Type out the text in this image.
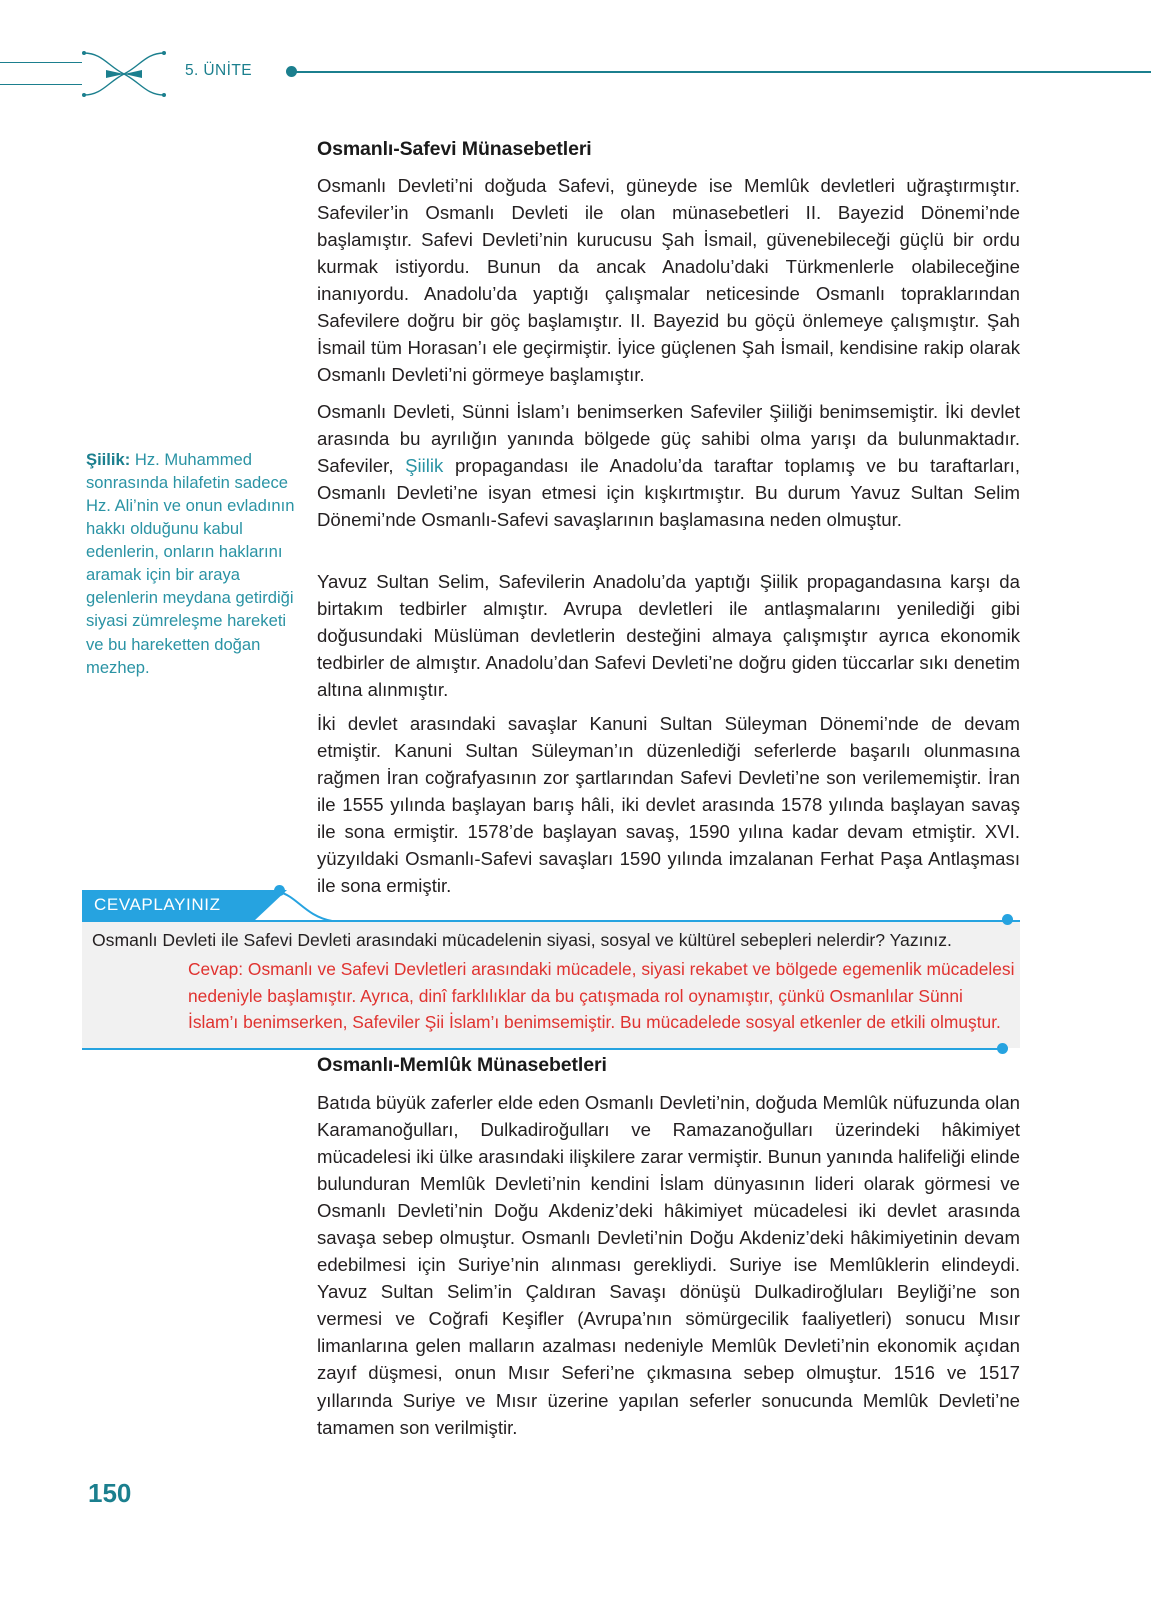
5. ÜNİTE
Şiilik: Hz. Muhammed sonrasında hilafetin sadece Hz. Ali’nin ve onun evladının hakkı olduğunu kabul edenlerin, onların haklarını aramak için bir araya gelenlerin meydana getirdiği siyasi zümreleşme hareketi ve bu hareketten doğan mezhep.
Osmanlı-Safevi Münasebetleri

Osmanlı Devleti’ni doğuda Safevi, güneyde ise Memlûk devletleri uğraştırmıştır. Safeviler’in Osmanlı Devleti ile olan münasebetleri II. Bayezid Dönemi’nde başlamıştır. Safevi Devleti’nin kurucusu Şah İsmail, güvenebileceği güçlü bir ordu kurmak istiyordu. Bunun da ancak Anadolu’daki Türkmenlerle olabileceğine inanıyordu. Anadolu’da yaptığı çalışmalar neticesinde Osmanlı topraklarından Safevilere doğru bir göç başlamıştır. II. Bayezid bu göçü önlemeye çalışmıştır. Şah İsmail tüm Horasan’ı ele geçirmiştir. İyice güçlenen Şah İsmail, kendisine rakip olarak Osmanlı Devleti’ni görmeye başlamıştır.

Osmanlı Devleti, Sünni İslam’ı benimserken Safeviler Şiiliği benimsemiştir. İki devlet arasında bu ayrılığın yanında bölgede güç sahibi olma yarışı da bulunmaktadır. Safeviler, Şiilik propagandası ile Anadolu’da taraftar toplamış ve bu taraftarları, Osmanlı Devleti’ne isyan etmesi için kışkırtmıştır. Bu durum Yavuz Sultan Selim Dönemi’nde Osmanlı-Safevi savaşlarının başlamasına neden olmuştur.

Yavuz Sultan Selim, Safevilerin Anadolu’da yaptığı Şiilik propagandasına karşı da birtakım tedbirler almıştır. Avrupa devletleri ile antlaşmalarını yenilediği gibi doğusundaki Müslüman devletlerin desteğini almaya çalışmıştır ayrıca ekonomik tedbirler de almıştır. Anadolu’dan Safevi Devleti’ne doğru giden tüccarlar sıkı denetim altına alınmıştır.

İki devlet arasındaki savaşlar Kanuni Sultan Süleyman Dönemi’nde de devam etmiştir. Kanuni Sultan Süleyman’ın düzenlediği seferlerde başarılı olunmasına rağmen İran coğrafyasının zor şartlarından Safevi Devleti’ne son verilememiştir. İran ile 1555 yılında başlayan barış hâli, iki devlet arasında 1578 yılında başlayan savaş ile sona ermiştir. 1578’de başlayan savaş, 1590 yılına kadar devam etmiştir. XVI. yüzyıldaki Osmanlı-Safevi savaşları 1590 yılında imzalanan Ferhat Paşa Antlaşması ile sona ermiştir.

CEVAPLAYINIZ
Osmanlı Devleti ile Safevi Devleti arasındaki mücadelenin siyasi, sosyal ve kültürel sebepleri nelerdir? Yazınız.
Cevap: Osmanlı ve Safevi Devletleri arasındaki mücadele, siyasi rekabet ve bölgede egemenlik mücadelesi nedeniyle başlamıştır. Ayrıca, dinî farklılıklar da bu çatışmada rol oynamıştır, çünkü Osmanlılar Sünni İslam’ı benimserken, Safeviler Şii İslam’ı benimsemiştir. Bu mücadelede sosyal etkenler de etkili olmuştur.
Osmanlı-Memlûk Münasebetleri

Batıda büyük zaferler elde eden Osmanlı Devleti’nin, doğuda Memlûk nüfuzunda olan Karamanoğulları, Dulkadiroğulları ve Ramazanoğulları üzerindeki hâkimiyet mücadelesi iki ülke arasındaki ilişkilere zarar vermiştir. Bunun yanında halifeliği elinde bulunduran Memlûk Devleti’nin kendini İslam dünyasının lideri olarak görmesi ve Osmanlı Devleti’nin Doğu Akdeniz’deki hâkimiyet mücadelesi iki devlet arasında savaşa sebep olmuştur. Osmanlı Devleti’nin Doğu Akdeniz’deki hâkimiyetinin devam edebilmesi için Suriye’nin alınması gerekliydi. Suriye ise Memlûklerin elindeydi. Yavuz Sultan Selim’in Çaldıran Savaşı dönüşü Dulkadiroğluları Beyliği’ne son vermesi ve Coğrafi Keşifler (Avrupa’nın sömürgecilik faaliyetleri) sonucu Mısır limanlarına gelen malların azalması nedeniyle Memlûk Devleti’nin ekonomik açıdan zayıf düşmesi, onun Mısır Seferi’ne çıkmasına sebep olmuştur. 1516 ve 1517 yıllarında Suriye ve Mısır üzerine yapılan seferler sonucunda Memlûk Devleti’ne tamamen son verilmiştir.

150
